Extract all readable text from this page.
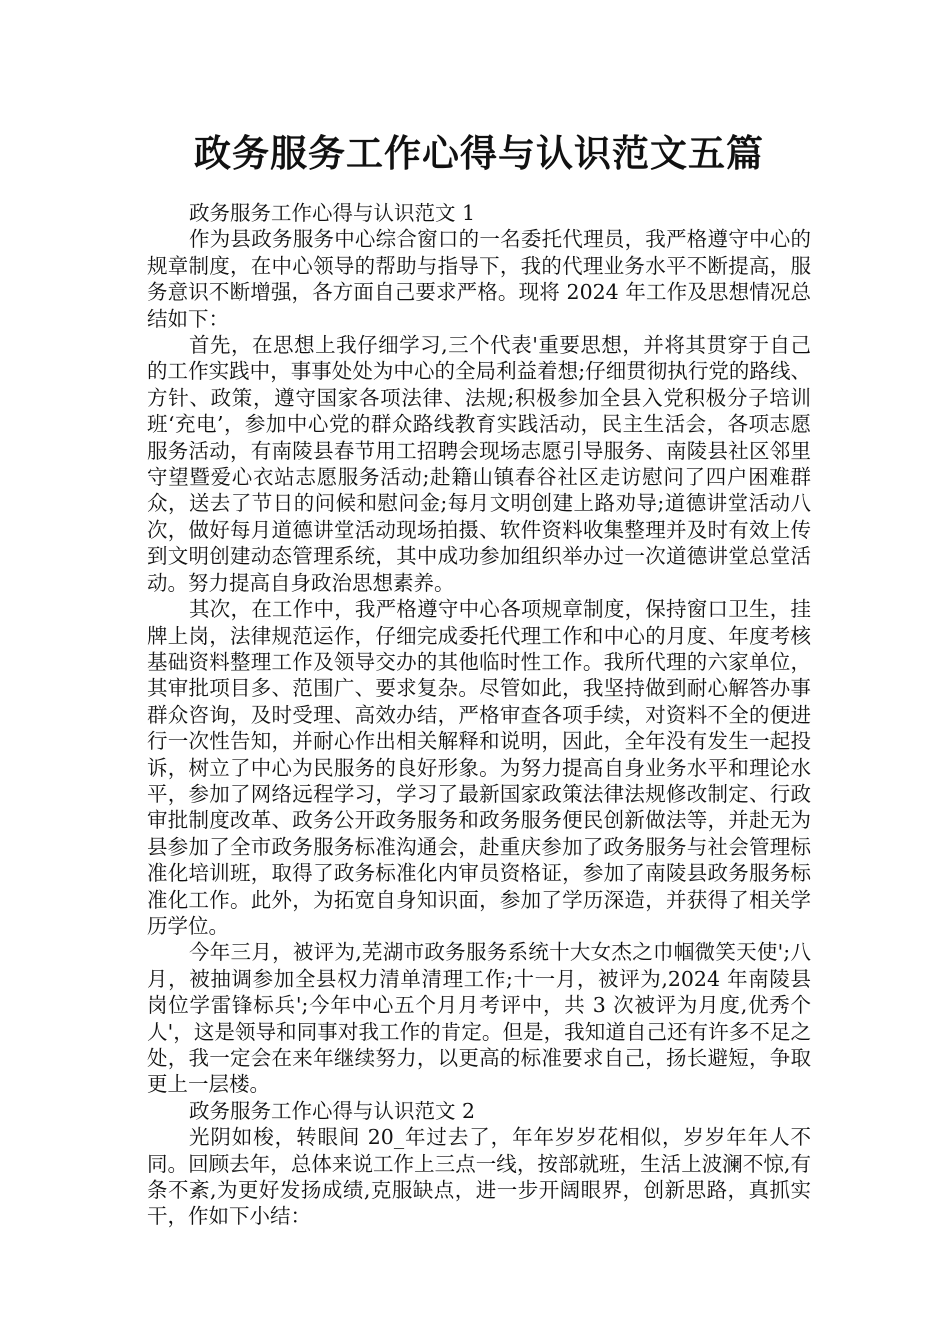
政务服务工作心得与认识范文五篇

政务服务工作心得与认识范文 1

作为县政务服务中心综合窗口的一名委托代理员，我严格遵守中心的规章制度，在中心领导的帮助与指导下，我的代理业务水平不断提高，服务意识不断增强，各方面自己要求严格。现将 2024 年工作及思想情况总结如下：

首先，在思想上我仔细学习,三个代表'重要思想，并将其贯穿于自己的工作实践中，事事处处为中心的全局利益着想;仔细贯彻执行党的路线、方针、政策，遵守国家各项法律、法规;积极参加全县入党积极分子培训班‘充电’，参加中心党的群众路线教育实践活动，民主生活会，各项志愿服务活动，有南陵县春节用工招聘会现场志愿引导服务、南陵县社区邻里守望暨爱心衣站志愿服务活动;赴籍山镇春谷社区走访慰问了四户困难群众，送去了节日的问候和慰问金;每月文明创建上路劝导;道德讲堂活动八次，做好每月道德讲堂活动现场拍摄、软件资料收集整理并及时有效上传到文明创建动态管理系统，其中成功参加组织举办过一次道德讲堂总堂活动。努力提高自身政治思想素养。

其次，在工作中，我严格遵守中心各项规章制度，保持窗口卫生，挂牌上岗，法律规范运作，仔细完成委托代理工作和中心的月度、年度考核基础资料整理工作及领导交办的其他临时性工作。我所代理的六家单位，其审批项目多、范围广、要求复杂。尽管如此，我坚持做到耐心解答办事群众咨询，及时受理、高效办结，严格审查各项手续，对资料不全的便进行一次性告知，并耐心作出相关解释和说明，因此，全年没有发生一起投诉，树立了中心为民服务的良好形象。为努力提高自身业务水平和理论水平，参加了网络远程学习，学习了最新国家政策法律法规修改制定、行政审批制度改革、政务公开政务服务和政务服务便民创新做法等，并赴无为县参加了全市政务服务标准沟通会，赴重庆参加了政务服务与社会管理标准化培训班，取得了政务标准化内审员资格证，参加了南陵县政务服务标准化工作。此外，为拓宽自身知识面，参加了学历深造，并获得了相关学历学位。

今年三月，被评为,芜湖市政务服务系统十大女杰之巾帼微笑天使';八月，被抽调参加全县权力清单清理工作;十一月，被评为,2024 年南陵县岗位学雷锋标兵';今年中心五个月月考评中，共 3 次被评为月度,优秀个人'，这是领导和同事对我工作的肯定。但是，我知道自己还有许多不足之处，我一定会在来年继续努力，以更高的标准要求自己，扬长避短，争取更上一层楼。

政务服务工作心得与认识范文 2

光阴如梭，转眼间 20_年过去了，年年岁岁花相似，岁岁年年人不同。回顾去年，总体来说工作上三点一线，按部就班，生活上波澜不惊,有条不紊,为更好发扬成绩,克服缺点，进一步开阔眼界，创新思路，真抓实干，作如下小结：
